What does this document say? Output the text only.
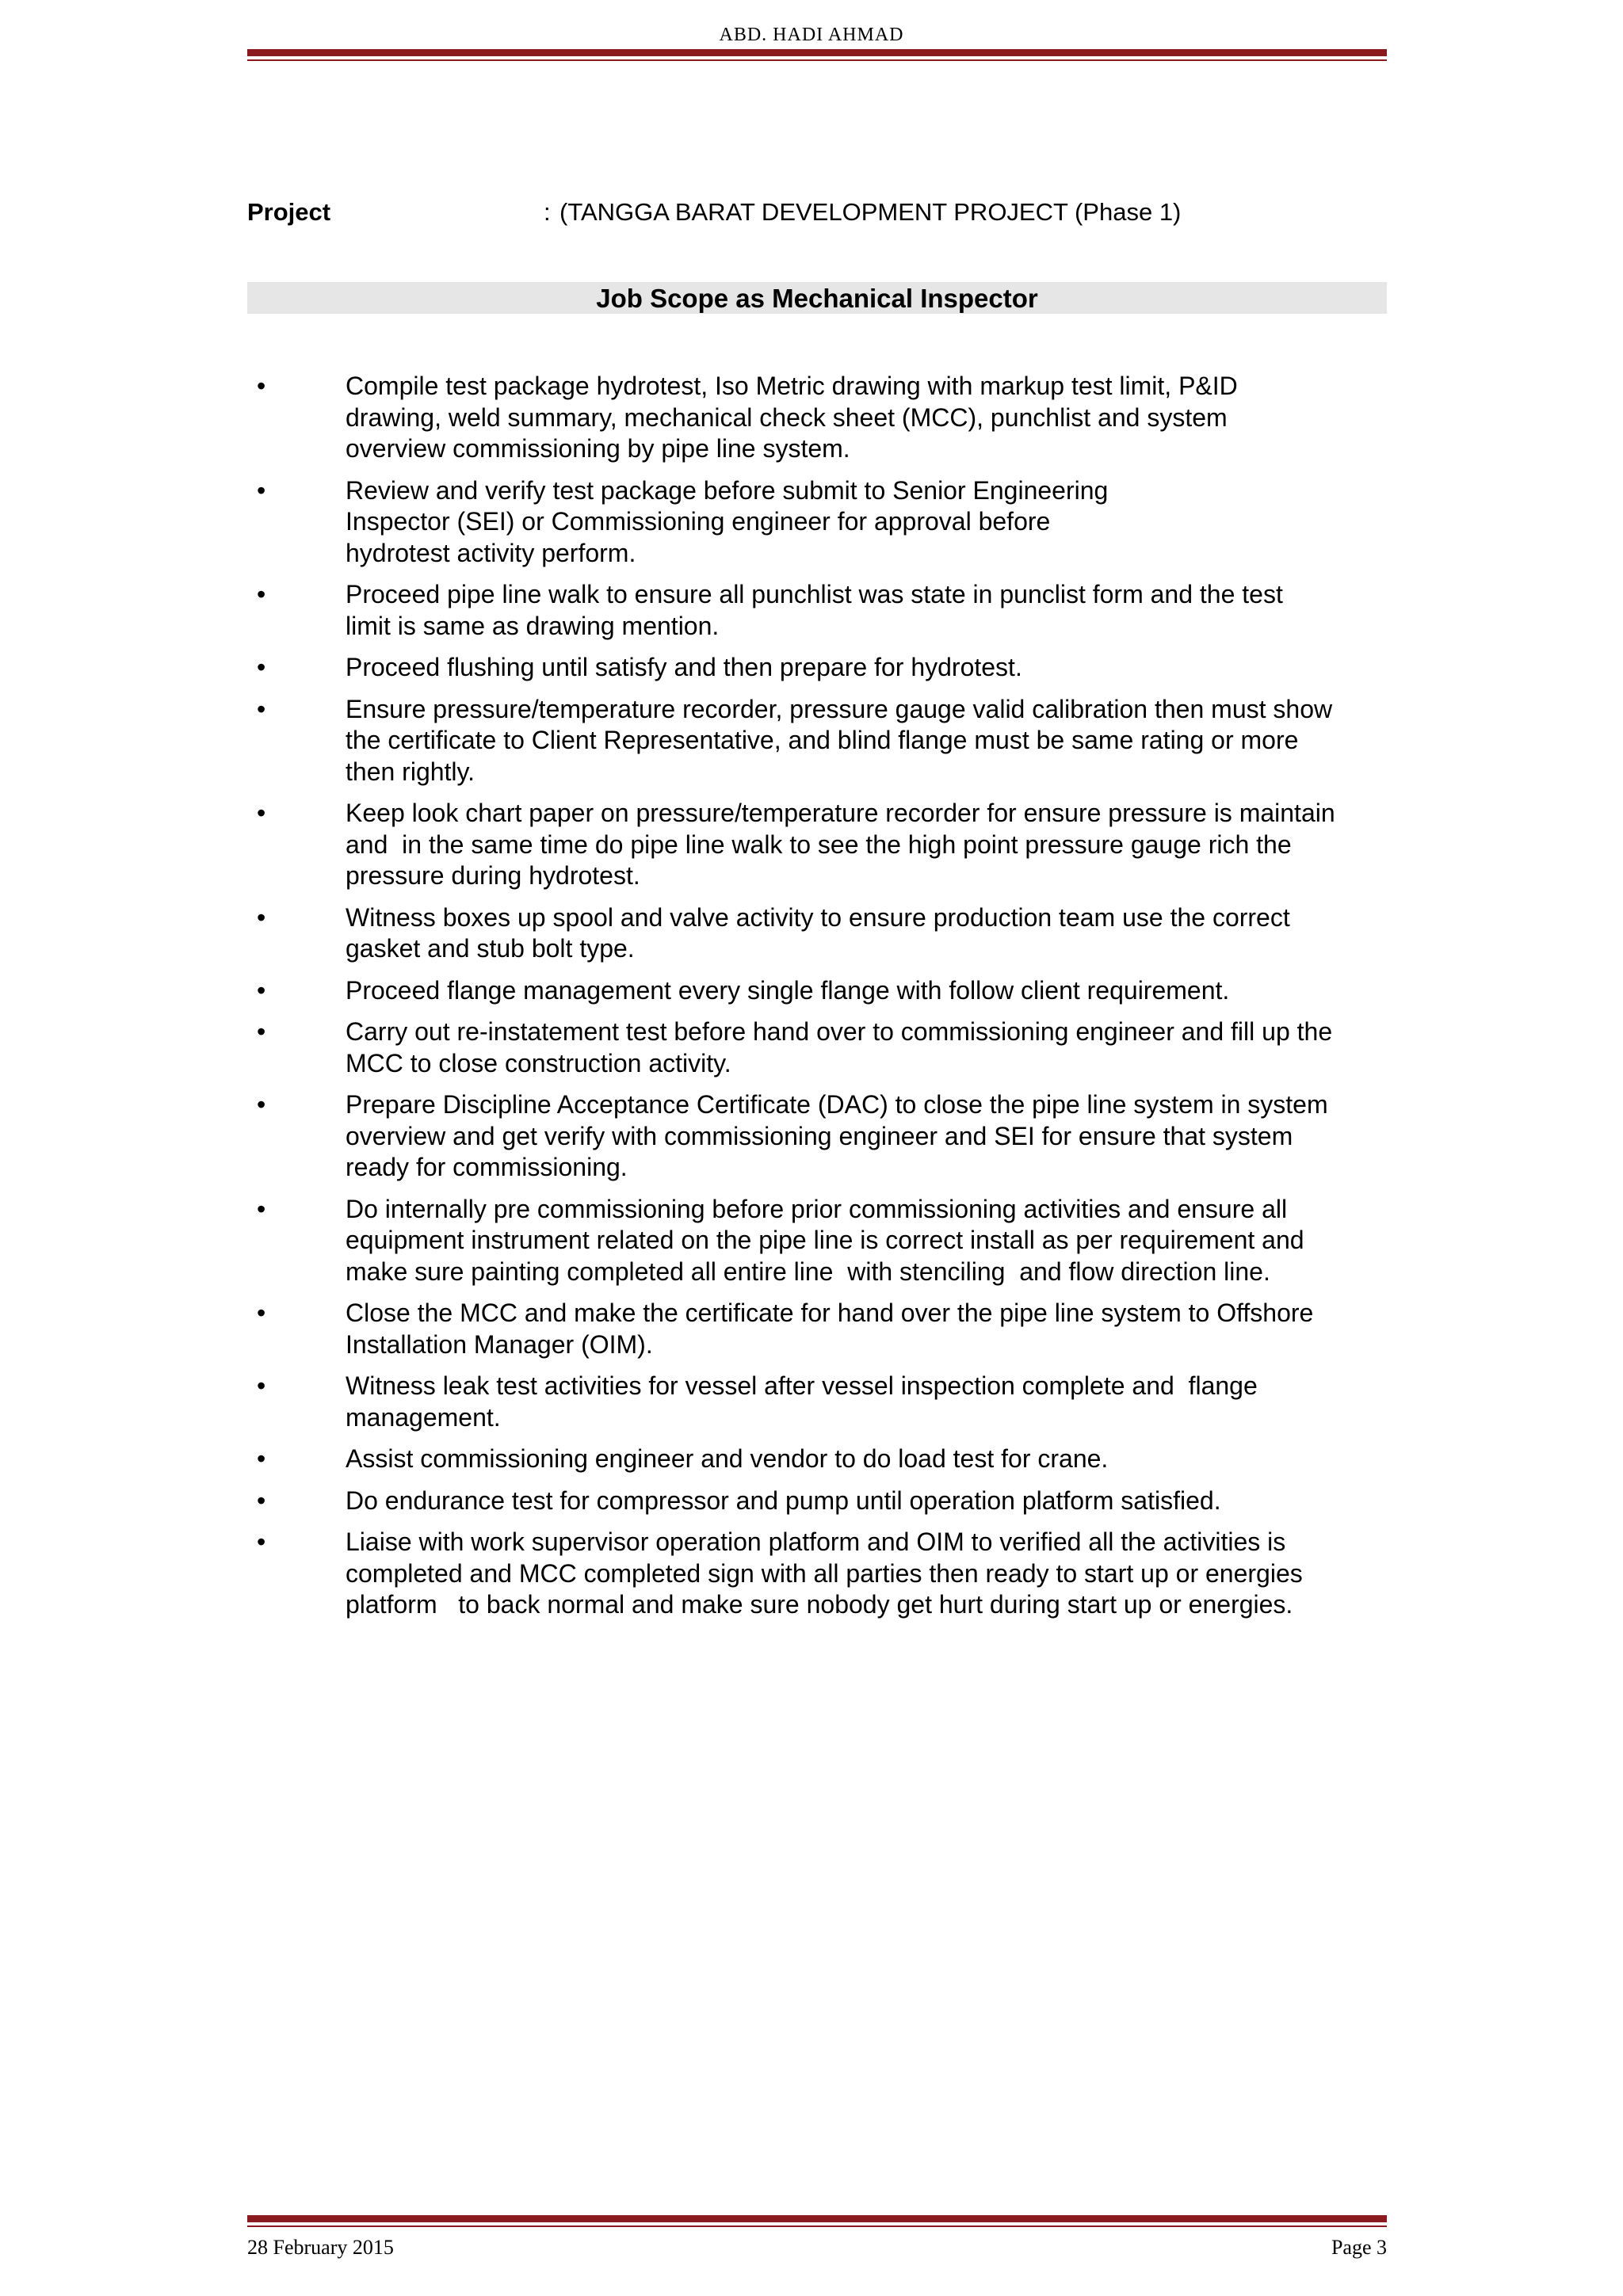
ABD. HADI AHMAD
Project	: (TANGGA BARAT DEVELOPMENT PROJECT (Phase 1)
Job Scope as Mechanical Inspector
•	Compile test package hydrotest, Iso Metric drawing with markup test limit, P&ID
drawing, weld summary, mechanical check sheet (MCC), punchlist and system
overview commissioning by pipe line system.
•	Review and verify test package before submit to Senior Engineering
Inspector (SEI) or Commissioning engineer for approval before
hydrotest activity perform.
•	Proceed pipe line walk to ensure all punchlist was state in punclist form and the test
limit is same as drawing mention.
•	Proceed flushing until satisfy and then prepare for hydrotest.
•	Ensure pressure/temperature recorder, pressure gauge valid calibration then must show
the certificate to Client Representative, and blind flange must be same rating or more
then rightly.
•	Keep look chart paper on pressure/temperature recorder for ensure pressure is maintain
and  in the same time do pipe line walk to see the high point pressure gauge rich the
pressure during hydrotest.
•	Witness boxes up spool and valve activity to ensure production team use the correct
gasket and stub bolt type.
•	Proceed flange management every single flange with follow client requirement.
•	Carry out re-instatement test before hand over to commissioning engineer and fill up the
MCC to close construction activity.
•	Prepare Discipline Acceptance Certificate (DAC) to close the pipe line system in system
overview and get verify with commissioning engineer and SEI for ensure that system
ready for commissioning.
•	Do internally pre commissioning before prior commissioning activities and ensure all
equipment instrument related on the pipe line is correct install as per requirement and
make sure painting completed all entire line  with stenciling  and flow direction line.
•	Close the MCC and make the certificate for hand over the pipe line system to Offshore
Installation Manager (OIM).
•	Witness leak test activities for vessel after vessel inspection complete and  flange
management.
•	Assist commissioning engineer and vendor to do load test for crane.
•	Do endurance test for compressor and pump until operation platform satisfied.
•	Liaise with work supervisor operation platform and OIM to verified all the activities is
completed and MCC completed sign with all parties then ready to start up or energies
platform   to back normal and make sure nobody get hurt during start up or energies.
28 February 2015	Page 3
